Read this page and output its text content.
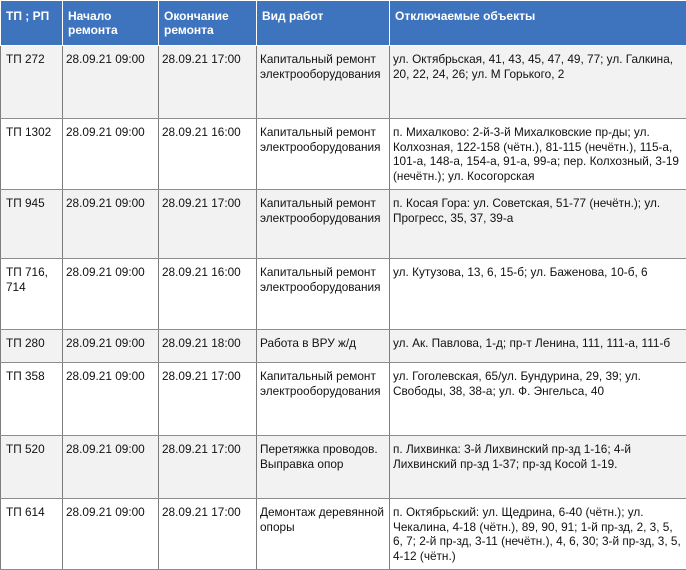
ТП ; РП	Начало ремонта	Окончание ремонта	Вид работ	Отключаемые объекты
ТП 272	28.09.21 09:00	28.09.21 17:00	Капитальный ремонт электрооборудования	ул. Октябрьская, 41, 43, 45, 47, 49, 77; ул. Галкина, 20, 22, 24, 26; ул. М Горького, 2
ТП 1302	28.09.21 09:00	28.09.21 16:00	Капитальный ремонт электрооборудования	п. Михалково: 2-й-3-й Михалковские пр-ды; ул. Колхозная, 122-158 (чётн.), 81-115 (нечётн.), 115-а, 101-а, 148-а, 154-а, 91-а, 99-а; пер. Колхозный, 3-19 (нечётн.); ул. Косогорская
ТП 945	28.09.21 09:00	28.09.21 17:00	Капитальный ремонт электрооборудования	п. Косая Гора: ул. Советская, 51-77 (нечётн.); ул. Прогресс, 35, 37, 39-а
ТП 716, 714	28.09.21 09:00	28.09.21 16:00	Капитальный ремонт электрооборудования	ул. Кутузова, 13, 6, 15-б; ул. Баженова, 10-б, 6
ТП 280	28.09.21 09:00	28.09.21 18:00	Работа в ВРУ ж/д	ул. Ак. Павлова, 1-д; пр-т Ленина, 111, 111-а, 111-б
ТП 358	28.09.21 09:00	28.09.21 17:00	Капитальный ремонт электрооборудования	ул. Гоголевская, 65/ул. Бундурина, 29, 39; ул. Свободы, 38, 38-а; ул. Ф. Энгельса, 40
ТП 520	28.09.21 09:00	28.09.21 17:00	Перетяжка проводов. Выправка опор	п. Лихвинка: 3-й Лихвинский пр-зд 1-16; 4-й Лихвинский пр-зд 1-37; пр-зд Косой 1-19.
ТП 614	28.09.21 09:00	28.09.21 17:00	Демонтаж деревянной опоры	п. Октябрьский: ул. Щедрина, 6-40 (чётн.); ул. Чекалина, 4-18 (чётн.), 89, 90, 91; 1-й пр-зд, 2, 3, 5, 6, 7; 2-й пр-зд, 3-11 (нечётн.), 4, 6, 30; 3-й пр-зд, 3, 5, 4-12 (чётн.)
